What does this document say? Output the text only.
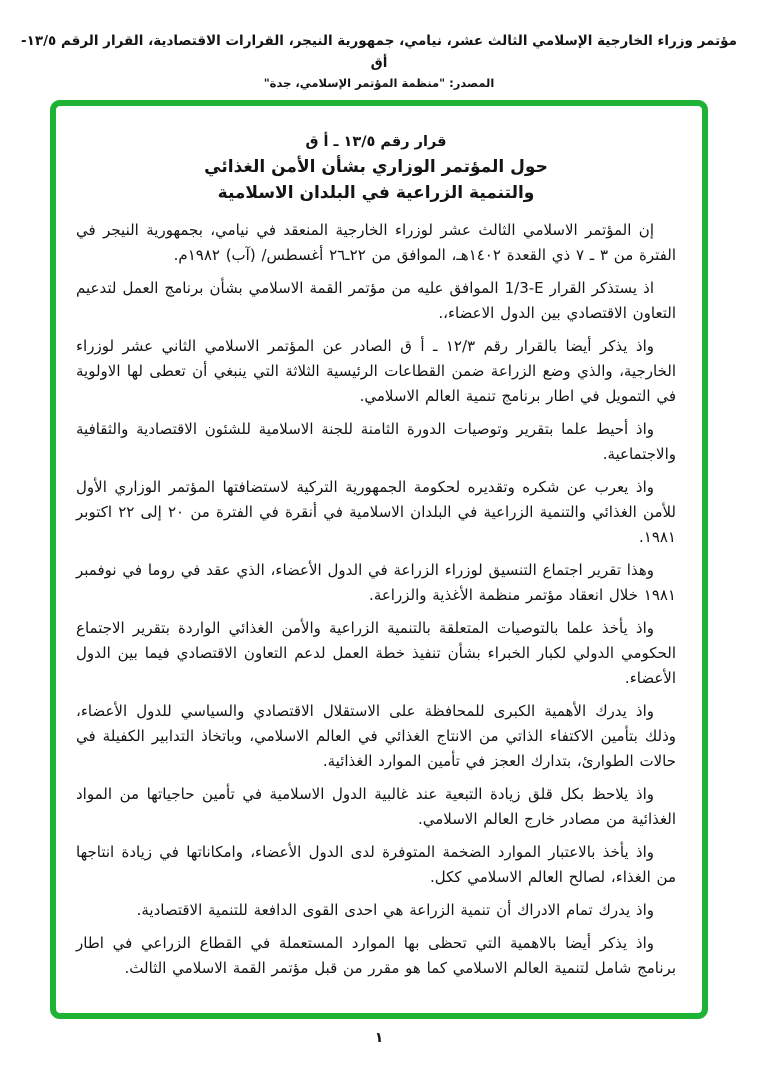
مؤتمر وزراء الخارجية الإسلامي الثالث عشر، نيامي، جمهورية النيجر، القرارات الاقتصادية، القرار الرقم ١٣/٥- أق
المصدر: "منظمة المؤتمر الإسلامي، جدة"
قرار رقم ١٣/٥ ـ أ ق
حول المؤتمر الوزاري بشأن الأمن الغذائي
والتنمية الزراعية في البلدان الاسلامية

إن المؤتمر الاسلامي الثالث عشر لوزراء الخارجية المنعقد في نيامي، بجمهورية النيجر في الفترة من ٣ ـ ٧ ذي القعدة ١٤٠٢هـ، الموافق من ٢٢ـ٢٦ أغسطس/ (آب) ١٩٨٢م.

اذ يستذكر القرار ‎1/3-E‎ الموافق عليه من مؤتمر القمة الاسلامي بشأن برنامج العمل لتدعيم التعاون الاقتصادي بين الدول الاعضاء،.

واذ يذكر أيضا بالقرار رقم ١٢/٣ ـ أ ق الصادر عن المؤتمر الاسلامي الثاني عشر لوزراء الخارجية، والذي وضع الزراعة ضمن القطاعات الرئيسية الثلاثة التي ينبغي أن تعطى لها الاولوية في التمويل في اطار برنامج تنمية العالم الاسلامي.

واذ أحيط علما بتقرير وتوصيات الدورة الثامنة للجنة الاسلامية للشئون الاقتصادية والثقافية والاجتماعية.

واذ يعرب عن شكره وتقديره لحكومة الجمهورية التركية لاستضافتها المؤتمر الوزاري الأول للأمن الغذائي والتنمية الزراعية في البلدان الاسلامية في أنقرة في الفترة من ٢٠ إلى ٢٢ اكتوبر ١٩٨١.

وهذا تقرير اجتماع التنسيق لوزراء الزراعة في الدول الأعضاء، الذي عقد في روما في نوفمبر ١٩٨١ خلال انعقاد مؤتمر منظمة الأغذية والزراعة.

واذ يأخذ علما بالتوصيات المتعلقة بالتنمية الزراعية والأمن الغذائي الواردة بتقرير الاجتماع الحكومي الدولي لكبار الخبراء بشأن تنفيذ خطة العمل لدعم التعاون الاقتصادي فيما بين الدول الأعضاء.

واذ يدرك الأهمية الكبرى للمحافظة على الاستقلال الاقتصادي والسياسي للدول الأعضاء، وذلك بتأمين الاكتفاء الذاتي من الانتاج الغذائي في العالم الاسلامي، وباتخاذ التدابير الكفيلة في حالات الطوارئ، بتدارك العجز في تأمين الموارد الغذائية.

واذ يلاحظ بكل قلق زيادة التبعية عند غالبية الدول الاسلامية في تأمين حاجياتها من المواد الغذائية من مصادر خارج العالم الاسلامي.

واذ يأخذ بالاعتبار الموارد الضخمة المتوفرة لدى الدول الأعضاء، وامكاناتها في زيادة انتاجها من الغذاء، لصالح العالم الاسلامي ككل.

واذ يدرك تمام الادراك أن تنمية الزراعة هي احدى القوى الدافعة للتنمية الاقتصادية.

واذ يذكر أيضا بالاهمية التي تحظى بها الموارد المستعملة في القطاع الزراعي في اطار برنامج شامل لتنمية العالم الاسلامي كما هو مقرر من قبل مؤتمر القمة الاسلامي الثالث.

١
